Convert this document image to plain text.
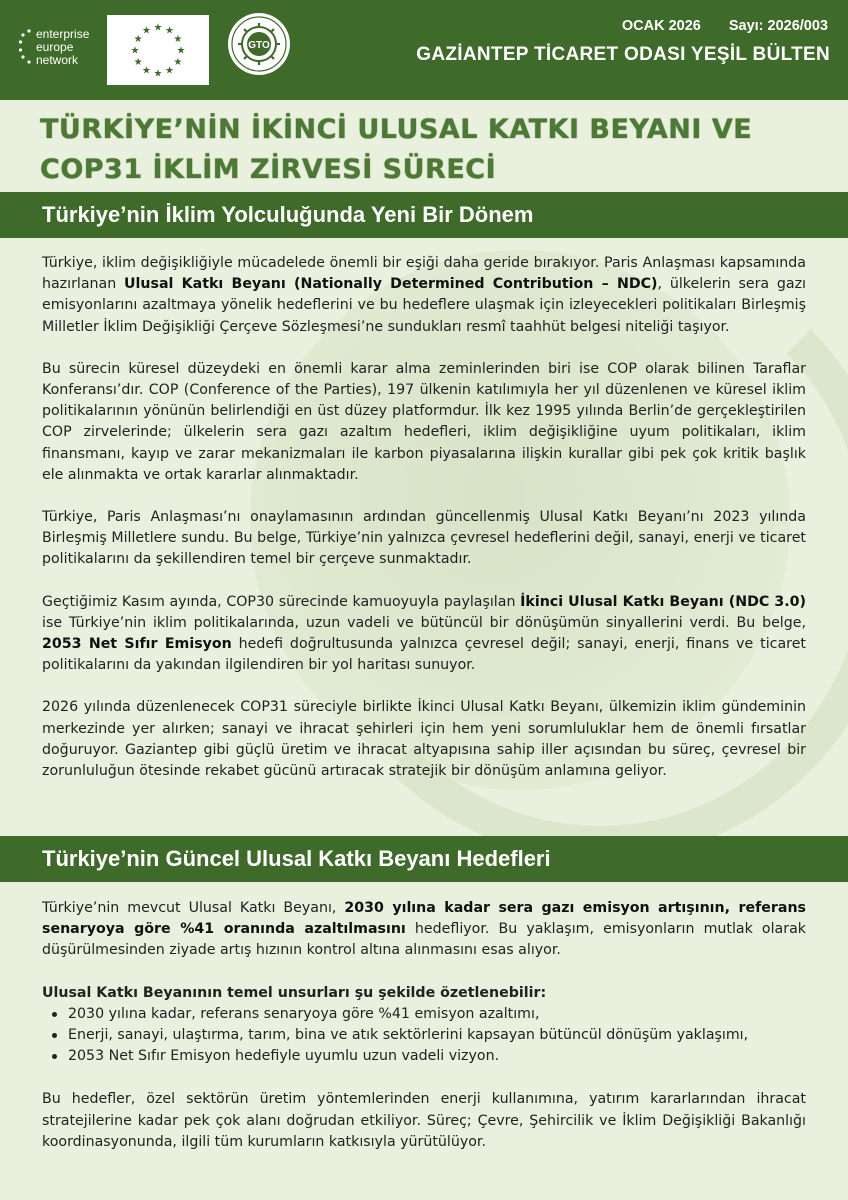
enterprise
europe
network
★
★
★
★
★
★
★
★
★ ★ ★
★
GTO
OCAK 2026 Sayı: 2026/003
GAZİANTEP TİCARET ODASI YEŞİL BÜLTEN
TÜRKİYE’NİN İKİNCİ ULUSAL KATKI BEYANI VE
COP31 İKLİM ZİRVESİ SÜRECİ
Türkiye’nin İklim Yolculuğunda Yeni Bir Dönem

Türkiye, iklim değişikliğiyle mücadelede önemli bir eşiği daha geride bırakıyor. Paris Anlaşması kapsamında hazırlanan Ulusal Katkı Beyanı (Nationally Determined Contribution – NDC), ülkelerin sera gazı emisyonlarını azaltmaya yönelik hedeflerini ve bu hedeflere ulaşmak için izleyecekleri politikaları Birleşmiş Milletler İklim Değişikliği Çerçeve Sözleşmesi’ne sundukları resmî taahhüt belgesi niteliği taşıyor.

Bu sürecin küresel düzeydeki en önemli karar alma zeminlerinden biri ise COP olarak bilinen Taraflar Konferansı’dır. COP (Conference of the Parties), 197 ülkenin katılımıyla her yıl düzenlenen ve küresel iklim politikalarının yönünün belirlendiği en üst düzey platformdur. İlk kez 1995 yılında Berlin’de gerçekleştirilen COP zirvelerinde; ülkelerin sera gazı azaltım hedefleri, iklim değişikliğine uyum politikaları, iklim finansmanı, kayıp ve zarar mekanizmaları ile karbon piyasalarına ilişkin kurallar gibi pek çok kritik başlık ele alınmakta ve ortak kararlar alınmaktadır.

Türkiye, Paris Anlaşması’nı onaylamasının ardından güncellenmiş Ulusal Katkı Beyanı’nı 2023 yılında Birleşmiş Milletlere sundu. Bu belge, Türkiye’nin yalnızca çevresel hedeflerini değil, sanayi, enerji ve ticaret politikalarını da şekillendiren temel bir çerçeve sunmaktadır.

Geçtiğimiz Kasım ayında, COP30 sürecinde kamuoyuyla paylaşılan İkinci Ulusal Katkı Beyanı (NDC 3.0) ise Türkiye’nin iklim politikalarında, uzun vadeli ve bütüncül bir dönüşümün sinyallerini verdi. Bu belge, 2053 Net Sıfır Emisyon hedefi doğrultusunda yalnızca çevresel değil; sanayi, enerji, finans ve ticaret politikalarını da yakından ilgilendiren bir yol haritası sunuyor.

2026 yılında düzenlenecek COP31 süreciyle birlikte İkinci Ulusal Katkı Beyanı, ülkemizin iklim gündeminin merkezinde yer alırken; sanayi ve ihracat şehirleri için hem yeni sorumluluklar hem de önemli fırsatlar doğuruyor. Gaziantep gibi güçlü üretim ve ihracat altyapısına sahip iller açısından bu süreç, çevresel bir zorunluluğun ötesinde rekabet gücünü artıracak stratejik bir dönüşüm anlamına geliyor.

Türkiye’nin Güncel Ulusal Katkı Beyanı Hedefleri

Türkiye’nin mevcut Ulusal Katkı Beyanı, 2030 yılına kadar sera gazı emisyon artışının, referans senaryoya göre %41 oranında azaltılmasını hedefliyor. Bu yaklaşım, emisyonların mutlak olarak düşürülmesinden ziyade artış hızının kontrol altına alınmasını esas alıyor.

Ulusal Katkı Beyanının temel unsurları şu şekilde özetlenebilir:

2030 yılına kadar, referans senaryoya göre %41 emisyon azaltımı,
Enerji, sanayi, ulaştırma, tarım, bina ve atık sektörlerini kapsayan bütüncül dönüşüm yaklaşımı,
2053 Net Sıfır Emisyon hedefiyle uyumlu uzun vadeli vizyon.

Bu hedefler, özel sektörün üretim yöntemlerinden enerji kullanımına, yatırım kararlarından ihracat stratejilerine kadar pek çok alanı doğrudan etkiliyor. Süreç; Çevre, Şehircilik ve İklim Değişikliği Bakanlığı koordinasyonunda, ilgili tüm kurumların katkısıyla yürütülüyor.
